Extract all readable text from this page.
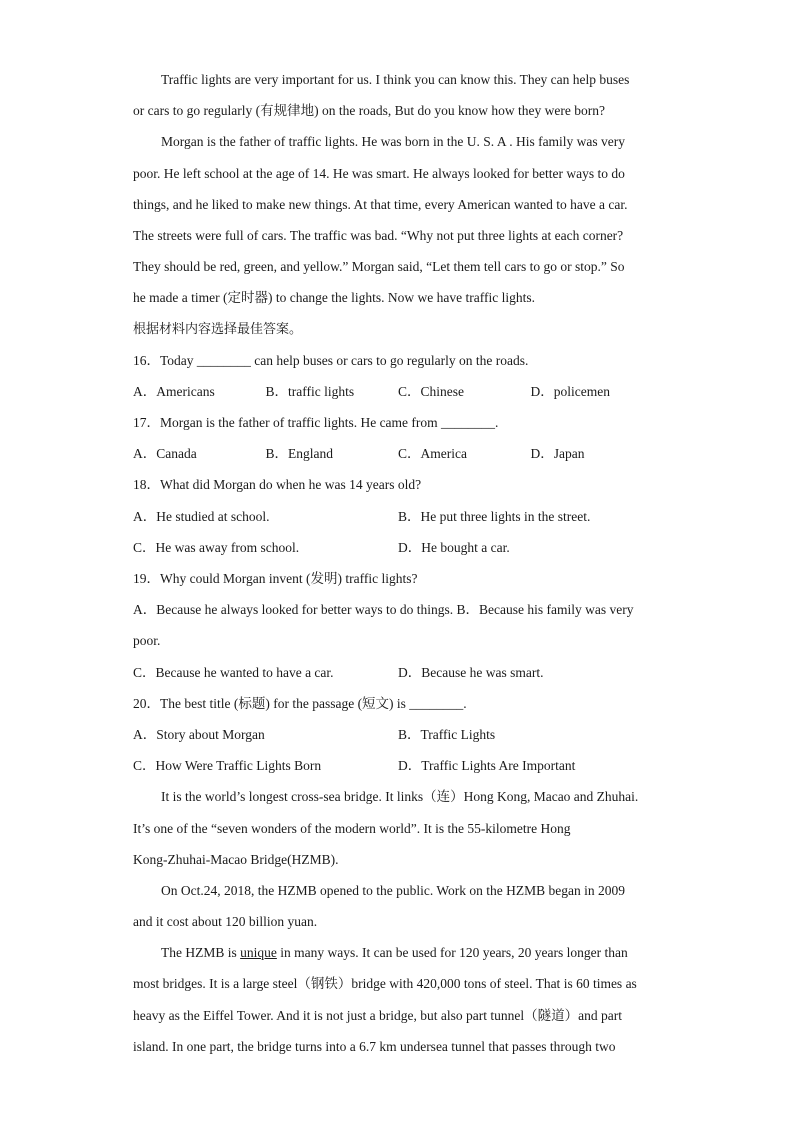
Traffic lights are very important for us. I think you can know this. They can help buses
or cars to go regularly (有规律地) on the roads, But do you know how they were born?
Morgan is the father of traffic lights. He was born in the U. S. A . His family was very
poor. He left school at the age of 14. He was smart. He always looked for better ways to do
things, and he liked to make new things. At that time, every American wanted to have a car.
The streets were full of cars. The traffic was bad. “Why not put three lights at each corner?
They should be red, green, and yellow.” Morgan said, “Let them tell cars to go or stop.” So
he made a timer (定时器) to change the lights. Now we have traffic lights.
根据材料内容选择最佳答案。
16．Today ________ can help buses or cars to go regularly on the roads.
A．Americans	B．traffic lights	C．Chinese	D．policemen
17．Morgan is the father of traffic lights. He came from ________.
A．Canada	B．England	C．America	D．Japan
18．What did Morgan do when he was 14 years old?
A．He studied at school.	B．He put three lights in the street.
C．He was away from school.	D．He bought a car.
19．Why could Morgan invent (发明) traffic lights?
A．Because he always looked for better ways to do things. B．Because his family was very
poor.
C．Because he wanted to have a car.	D．Because he was smart.
20．The best title (标题) for the passage (短文) is ________.
A．Story about Morgan	B．Traffic Lights
C．How Were Traffic Lights Born	D．Traffic Lights Are Important
It is the world’s longest cross-sea bridge. It links（连）Hong Kong, Macao and Zhuhai.
It’s one of the “seven wonders of the modern world”. It is the 55-kilometre Hong
Kong-Zhuhai-Macao Bridge(HZMB).
On Oct.24, 2018, the HZMB opened to the public. Work on the HZMB began in 2009
and it cost about 120 billion yuan.
The HZMB is unique in many ways. It can be used for 120 years, 20 years longer than
most bridges. It is a large steel（钢铁）bridge with 420,000 tons of steel. That is 60 times as
heavy as the Eiffel Tower. And it is not just a bridge, but also part tunnel（隧道）and part
island. In one part, the bridge turns into a 6.7 km undersea tunnel that passes through two
